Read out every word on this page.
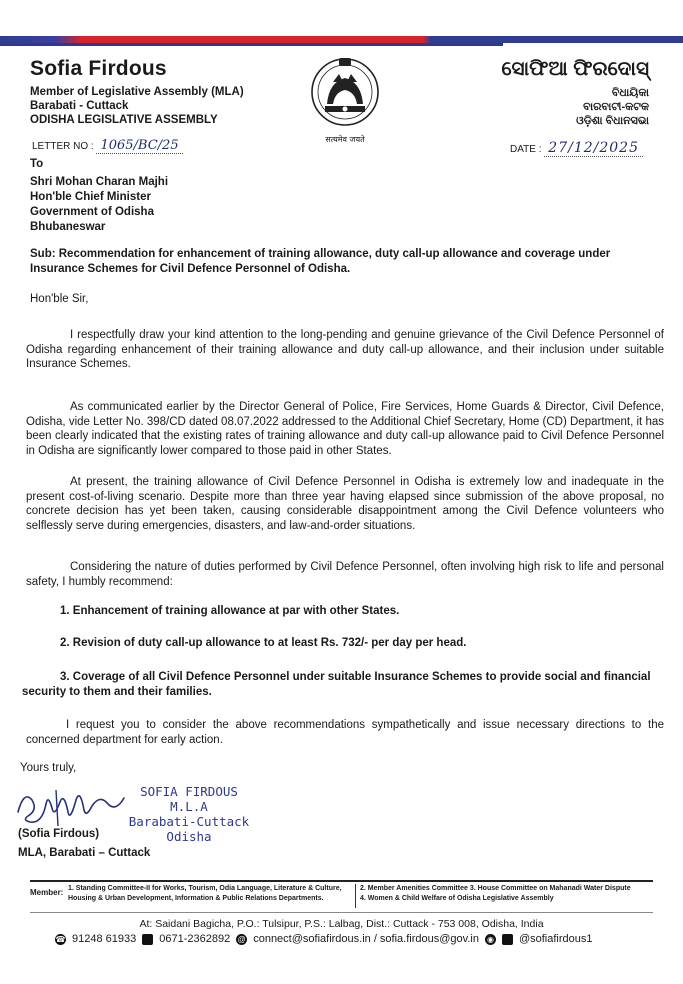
Sofia Firdous
Member of Legislative Assembly (MLA)
Barabati - Cuttack
ODISHA LEGISLATIVE ASSEMBLY
सत्यमेव जयते
ସୋଫିଆ ଫିରଦୋସ୍
ବିଧାୟିକା
ବାରବାଟୀ-କଟକ
ଓଡ଼ିଶା ବିଧାନସଭା
LETTER NO : 1065/BC/25	DATE : 27/12/2025
To
Shri Mohan Charan Majhi
Hon'ble Chief Minister
Government of Odisha
Bhubaneswar
Sub: Recommendation for enhancement of training allowance, duty call-up allowance and coverage under Insurance Schemes for Civil Defence Personnel of Odisha.
Hon'ble Sir,
I respectfully draw your kind attention to the long-pending and genuine grievance of the Civil Defence Personnel of Odisha regarding enhancement of their training allowance and duty call-up allowance, and their inclusion under suitable Insurance Schemes.
As communicated earlier by the Director General of Police, Fire Services, Home Guards & Director, Civil Defence, Odisha, vide Letter No. 398/CD dated 08.07.2022 addressed to the Additional Chief Secretary, Home (CD) Department, it has been clearly indicated that the existing rates of training allowance and duty call-up allowance paid to Civil Defence Personnel in Odisha are significantly lower compared to those paid in other States.
At present, the training allowance of Civil Defence Personnel in Odisha is extremely low and inadequate in the present cost-of-living scenario. Despite more than three year having elapsed since submission of the above proposal, no concrete decision has yet been taken, causing considerable disappointment among the Civil Defence volunteers who selflessly serve during emergencies, disasters, and law-and-order situations.
Considering the nature of duties performed by Civil Defence Personnel, often involving high risk to life and personal safety, I humbly recommend:
1. Enhancement of training allowance at par with other States.
2. Revision of duty call-up allowance to at least Rs. 732/- per day per head.
3. Coverage of all Civil Defence Personnel under suitable Insurance Schemes to provide social and financial security to them and their families.
I request you to consider the above recommendations sympathetically and issue necessary directions to the concerned department for early action.
Yours truly,
SOFIA FIRDOUS
M.L.A
Barabati-Cuttack
Odisha
(Sofia Firdous)
MLA, Barabati – Cuttack
Member: 1. Standing Committee-II for Works, Tourism, Odia Language, Literature & Culture, Housing & Urban Development, Information & Public Relations Departments.
2. Member Amenities Committee 3. House Committee on Mahanadi Water Dispute
4. Women & Child Welfare of Odisha Legislative Assembly
At: Saidani Bagicha, P.O.: Tulsipur, P.S.: Lalbag, Dist.: Cuttack - 753 008, Odisha, India
☎ 91248 61933 0671-2362892 @ connect@sofiafirdous.in / sofia.firdous@gov.in ◉ @sofiafirdous1
